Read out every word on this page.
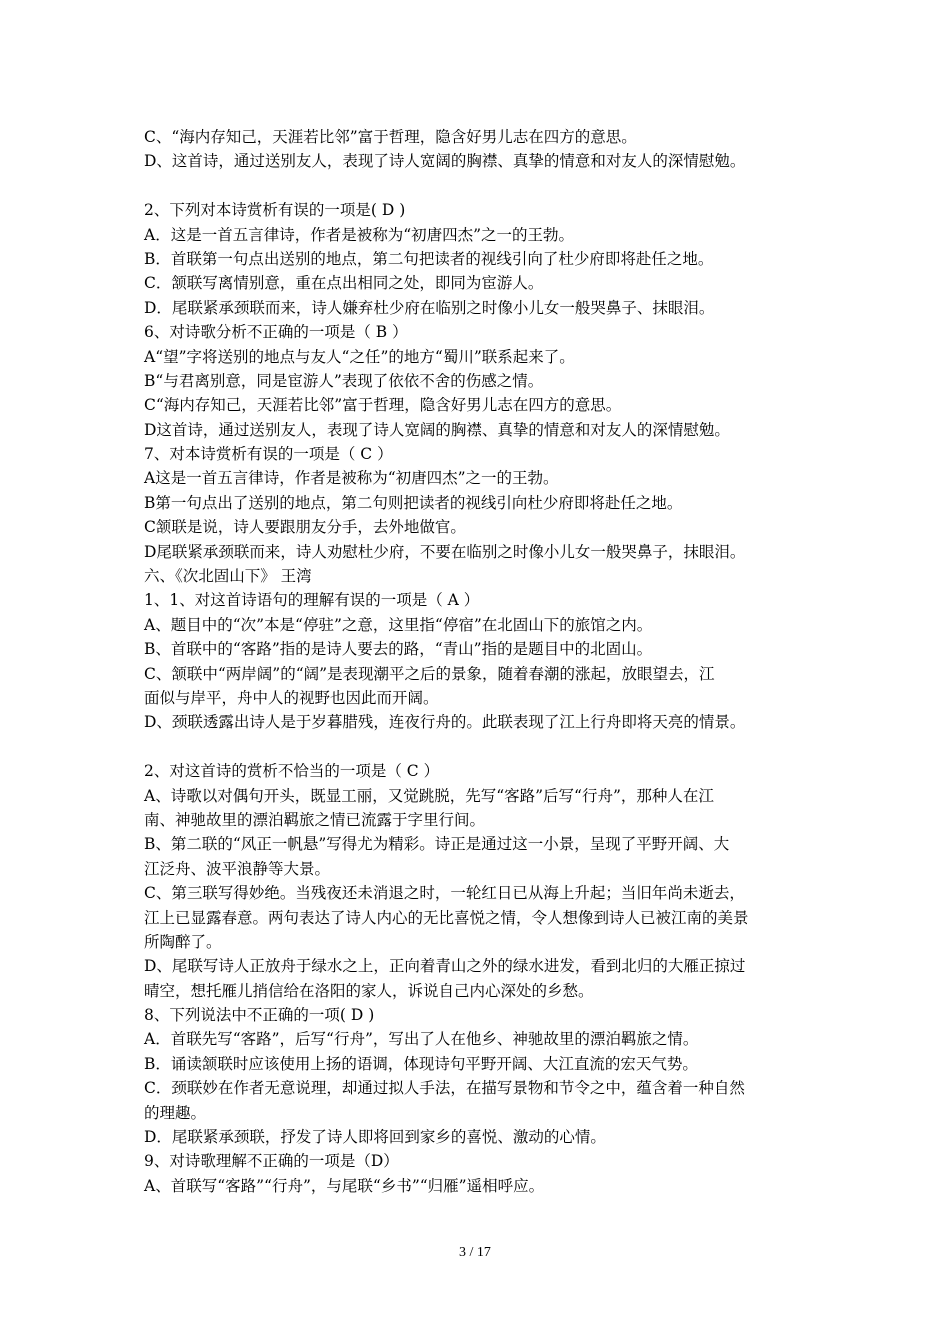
C、“海内存知己，天涯若比邻”富于哲理，隐含好男儿志在四方的意思。
D、这首诗，通过送别友人，表现了诗人宽阔的胸襟、真挚的情意和对友人的深情慰勉。
2、下列对本诗赏析有误的一项是( D )
A．这是一首五言律诗，作者是被称为“初唐四杰”之一的王勃。
B．首联第一句点出送别的地点，第二句把读者的视线引向了杜少府即将赴任之地。
C．颔联写离情别意，重在点出相同之处，即同为宦游人。
D．尾联紧承颈联而来，诗人嫌弃杜少府在临别之时像小儿女一般哭鼻子、抹眼泪。
6、对诗歌分析不正确的一项是（ B ）
A“望”字将送别的地点与友人“之任”的地方“蜀川”联系起来了。
B“与君离别意，同是宦游人”表现了依依不舍的伤感之情。
C“海内存知己，天涯若比邻”富于哲理，隐含好男儿志在四方的意思。
D这首诗，通过送别友人，表现了诗人宽阔的胸襟、真挚的情意和对友人的深情慰勉。
7、对本诗赏析有误的一项是（ C ）
A这是一首五言律诗，作者是被称为“初唐四杰”之一的王勃。
B第一句点出了送别的地点，第二句则把读者的视线引向杜少府即将赴任之地。
C颔联是说，诗人要跟朋友分手，去外地做官。
D尾联紧承颈联而来，诗人劝慰杜少府，不要在临别之时像小儿女一般哭鼻子，抹眼泪。
六、《次北固山下》 王湾
1、1、对这首诗语句的理解有误的一项是（ A ）
A、题目中的“次”本是“停驻”之意，这里指“停宿”在北固山下的旅馆之内。
B、首联中的“客路”指的是诗人要去的路，“青山”指的是题目中的北固山。
C、颔联中“两岸阔”的“阔”是表现潮平之后的景象，随着春潮的涨起，放眼望去，江
面似与岸平，舟中人的视野也因此而开阔。
D、颈联透露出诗人是于岁暮腊残，连夜行舟的。此联表现了江上行舟即将天亮的情景。
2、对这首诗的赏析不恰当的一项是（ C ）
A、诗歌以对偶句开头，既显工丽，又觉跳脱，先写“客路”后写“行舟”，那种人在江
南、神驰故里的漂泊羁旅之情已流露于字里行间。
B、第二联的“风正一帆悬”写得尤为精彩。诗正是通过这一小景，呈现了平野开阔、大
江泛舟、波平浪静等大景。
C、第三联写得妙绝。当残夜还未消退之时，一轮红日已从海上升起；当旧年尚未逝去，
江上已显露春意。两句表达了诗人内心的无比喜悦之情，令人想像到诗人已被江南的美景
所陶醉了。
D、尾联写诗人正放舟于绿水之上，正向着青山之外的绿水进发，看到北归的大雁正掠过
晴空，想托雁儿捎信给在洛阳的家人，诉说自己内心深处的乡愁。
8、下列说法中不正确的一项( D )
A．首联先写“客路”，后写“行舟”，写出了人在他乡、神驰故里的漂泊羁旅之情。
B．诵读颔联时应该使用上扬的语调，体现诗句平野开阔、大江直流的宏天气势。
C．颈联妙在作者无意说理，却通过拟人手法，在描写景物和节令之中，蕴含着一种自然
的理趣。
D．尾联紧承颈联，抒发了诗人即将回到家乡的喜悦、激动的心情。
9、对诗歌理解不正确的一项是（D）
A、首联写“客路”“行舟”，与尾联“乡书”“归雁”遥相呼应。
3 / 17
